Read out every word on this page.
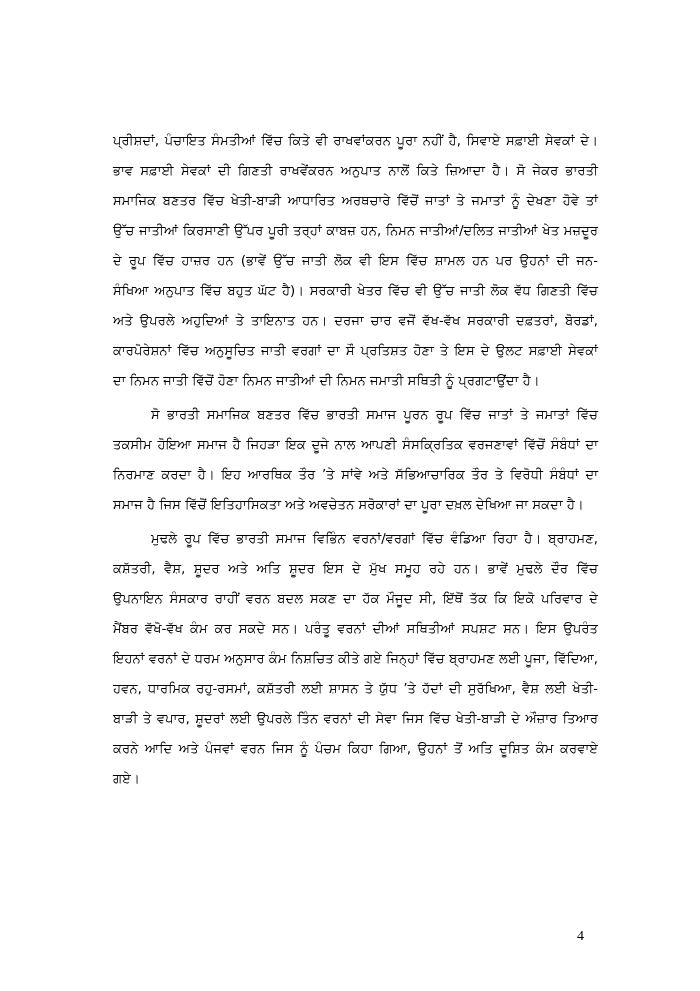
ਪ੍ਰੀਸ਼ਦਾਂ, ਪੰਚਾਇਤ ਸੰਮਤੀਆਂ ਵਿੱਚ ਕਿਤੇ ਵੀ ਰਾਖਵਾਂਕਰਨ ਪੂਰਾ ਨਹੀਂ ਹੈ, ਸਿਵਾਏ ਸਫ਼ਾਈ ਸੇਵਕਾਂ ਦੇ।
ਭਾਵ ਸਫ਼ਾਈ ਸੇਵਕਾਂ ਦੀ ਗਿਣਤੀ ਰਾਖਵੇਂਕਰਨ ਅਨੁਪਾਤ ਨਾਲੋਂ ਕਿਤੇ ਜ਼ਿਆਦਾ ਹੈ। ਸੋ ਜੇਕਰ ਭਾਰਤੀ
ਸਮਾਜਿਕ ਬਣਤਰ ਵਿੱਚ ਖੇਤੀ-ਬਾੜੀ ਆਧਾਰਿਤ ਅਰਥਚਾਰੇ ਵਿੱਚੋਂ ਜਾਤਾਂ ਤੇ ਜਮਾਤਾਂ ਨੂੰ ਦੇਖਣਾ ਹੋਵੇ ਤਾਂ
ਉੱਚ ਜਾਤੀਆਂ ਕਿਰਸਾਣੀ ਉੱਪਰ ਪੂਰੀ ਤਰ੍ਹਾਂ ਕਾਬਜ਼ ਹਨ, ਨਿਮਨ ਜਾਤੀਆਂ/ਦਲਿਤ ਜਾਤੀਆਂ ਖੇਤ ਮਜ਼ਦੂਰ
ਦੇ ਰੂਪ ਵਿੱਚ ਹਾਜ਼ਰ ਹਨ (ਭਾਵੇਂ ਉੱਚ ਜਾਤੀ ਲੋਕ ਵੀ ਇਸ ਵਿੱਚ ਸ਼ਾਮਲ ਹਨ ਪਰ ਉਹਨਾਂ ਦੀ ਜਨ-
ਸੰਖਿਆ ਅਨੁਪਾਤ ਵਿੱਚ ਬਹੁਤ ਘੱਟ ਹੈ)। ਸਰਕਾਰੀ ਖੇਤਰ ਵਿੱਚ ਵੀ ਉੱਚ ਜਾਤੀ ਲੋਕ ਵੱਧ ਗਿਣਤੀ ਵਿੱਚ
ਅਤੇ ਉਪਰਲੇ ਅਹੁਦਿਆਂ ਤੇ ਤਾਇਨਾਤ ਹਨ। ਦਰਜਾ ਚਾਰ ਵਜੋਂ ਵੱਖ-ਵੱਖ ਸਰਕਾਰੀ ਦਫ਼ਤਰਾਂ, ਬੋਰਡਾਂ,
ਕਾਰਪੋਰੇਸ਼ਨਾਂ ਵਿੱਚ ਅਨੁਸੂਚਿਤ ਜਾਤੀ ਵਰਗਾਂ ਦਾ ਸੌ ਪ੍ਰਤਿਸ਼ਤ ਹੋਣਾ ਤੇ ਇਸ ਦੇ ਉਲਟ ਸਫ਼ਾਈ ਸੇਵਕਾਂ
ਦਾ ਨਿਮਨ ਜਾਤੀ ਵਿੱਚੋਂ ਹੋਣਾ ਨਿਮਨ ਜਾਤੀਆਂ ਦੀ ਨਿਮਨ ਜਮਾਤੀ ਸਥਿਤੀ ਨੂੰ ਪ੍ਰਗਟਾਉਂਦਾ ਹੈ।
ਸੋ ਭਾਰਤੀ ਸਮਾਜਿਕ ਬਣਤਰ ਵਿੱਚ ਭਾਰਤੀ ਸਮਾਜ ਪੂਰਨ ਰੂਪ ਵਿੱਚ ਜਾਤਾਂ ਤੇ ਜਮਾਤਾਂ ਵਿੱਚ
ਤਕਸੀਮ ਹੋਇਆ ਸਮਾਜ ਹੈ ਜਿਹੜਾ ਇਕ ਦੂਜੇ ਨਾਲ ਆਪਣੀ ਸੰਸਕ੍ਰਿਤਿਕ ਵਰਜਣਾਵਾਂ ਵਿੱਚੋਂ ਸੰਬੰਧਾਂ ਦਾ
ਨਿਰਮਾਣ ਕਰਦਾ ਹੈ। ਇਹ ਆਰਥਿਕ ਤੌਰ ’ਤੇ ਸਾਂਵੇ ਅਤੇ ਸੱਭਿਆਚਾਰਿਕ ਤੌਰ ਤੇ ਵਿਰੋਧੀ ਸੰਬੰਧਾਂ ਦਾ
ਸਮਾਜ ਹੈ ਜਿਸ ਵਿੱਚੋਂ ਇਤਿਹਾਸਿਕਤਾ ਅਤੇ ਅਵਚੇਤਨ ਸਰੋਕਾਰਾਂ ਦਾ ਪੂਰਾ ਦਖ਼ਲ ਦੇਖਿਆ ਜਾ ਸਕਦਾ ਹੈ।
ਮੁਢਲੇ ਰੂਪ ਵਿੱਚ ਭਾਰਤੀ ਸਮਾਜ ਵਿਭਿੰਨ ਵਰਨਾਂ/ਵਰਗਾਂ ਵਿੱਚ ਵੰਡਿਆ ਰਿਹਾ ਹੈ। ਬ੍ਰਾਹਮਣ,
ਕਸ਼ੱਤਰੀ, ਵੈਸ਼, ਸ਼ੂਦਰ ਅਤੇ ਅਤਿ ਸ਼ੂਦਰ ਇਸ ਦੇ ਮੁੱਖ ਸਮੂਹ ਰਹੇ ਹਨ। ਭਾਵੇਂ ਮੁਢਲੇ ਦੌਰ ਵਿੱਚ
ਉਪਨਾਇਨ ਸੰਸਕਾਰ ਰਾਹੀਂ ਵਰਨ ਬਦਲ ਸਕਣ ਦਾ ਹੱਕ ਮੌਜੂਦ ਸੀ, ਇੱਥੋਂ ਤੱਕ ਕਿ ਇਕੋ ਪਰਿਵਾਰ ਦੇ
ਮੈਂਬਰ ਵੱਖੋ-ਵੱਖ ਕੰਮ ਕਰ ਸਕਦੇ ਸਨ। ਪਰੰਤੂ ਵਰਨਾਂ ਦੀਆਂ ਸਥਿਤੀਆਂ ਸਪਸ਼ਟ ਸਨ। ਇਸ ਉਪਰੰਤ
ਇਹਨਾਂ ਵਰਨਾਂ ਦੇ ਧਰਮ ਅਨੁਸਾਰ ਕੰਮ ਨਿਸ਼ਚਿਤ ਕੀਤੇ ਗਏ ਜਿਨ੍ਹਾਂ ਵਿੱਚ ਬ੍ਰਾਹਮਣ ਲਈ ਪੂਜਾ, ਵਿੱਦਿਆ,
ਹਵਨ, ਧਾਰਮਿਕ ਰਹੁ-ਰਸਮਾਂ, ਕਸ਼ੱਤਰੀ ਲਈ ਸ਼ਾਸਨ ਤੇ ਯੁੱਧ ’ਤੇ ਹੱਦਾਂ ਦੀ ਸੁਰੱਖਿਆ, ਵੈਸ਼ ਲਈ ਖੇਤੀ-
ਬਾੜੀ ਤੇ ਵਪਾਰ, ਸ਼ੂਦਰਾਂ ਲਈ ਉਪਰਲੇ ਤਿੰਨ ਵਰਨਾਂ ਦੀ ਸੇਵਾ ਜਿਸ ਵਿੱਚ ਖੇਤੀ-ਬਾੜੀ ਦੇ ਔਜ਼ਾਰ ਤਿਆਰ
ਕਰਨੇ ਆਦਿ ਅਤੇ ਪੰਜਵਾਂ ਵਰਨ ਜਿਸ ਨੂੰ ਪੰਚਮ ਕਿਹਾ ਗਿਆ, ਉਹਨਾਂ ਤੋਂ ਅਤਿ ਦੂਸ਼ਿਤ ਕੰਮ ਕਰਵਾਏ
ਗਏ।
4
